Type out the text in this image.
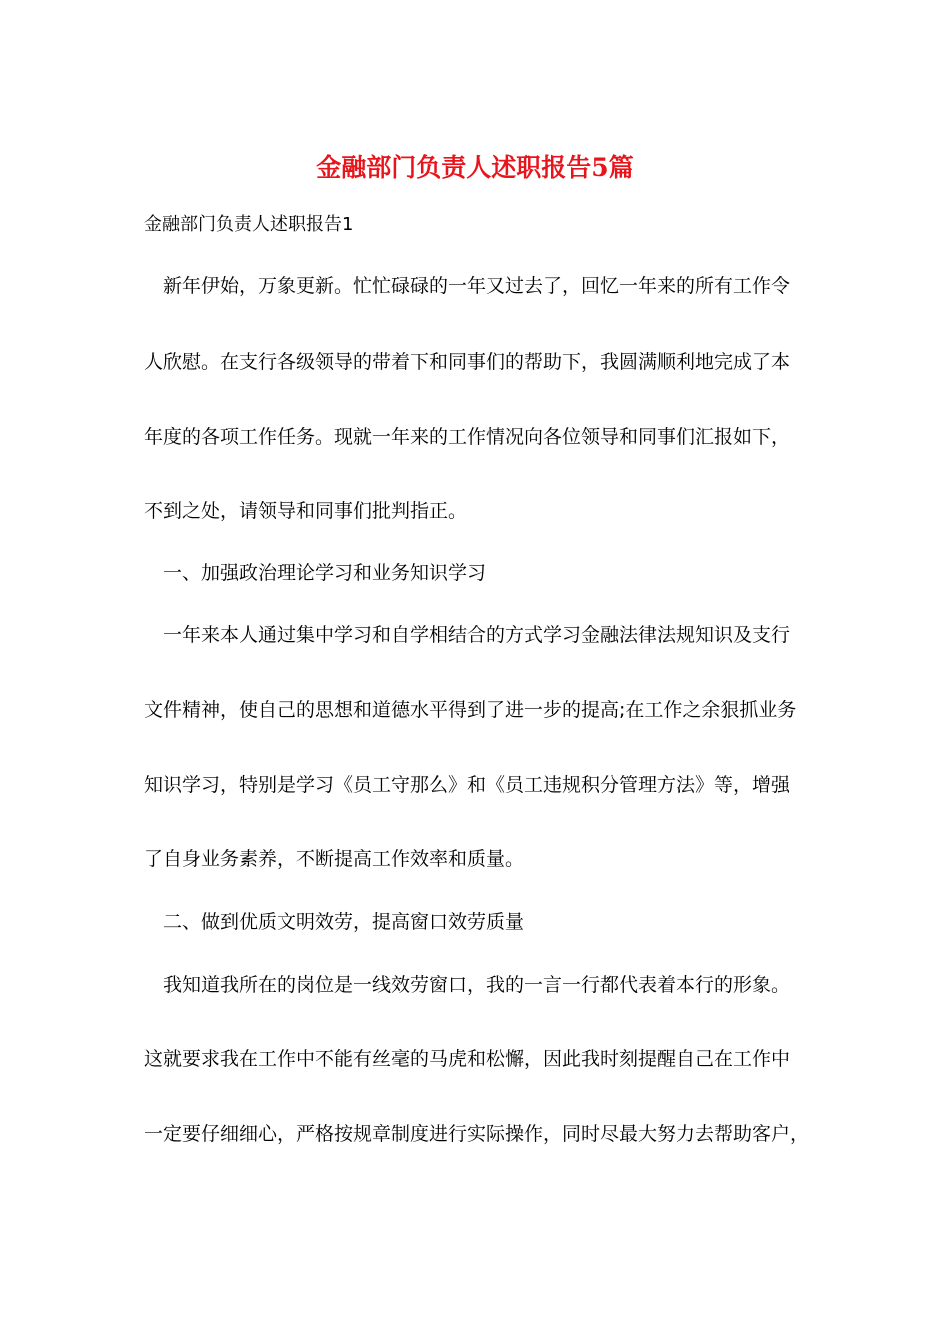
金融部门负责人述职报告5篇

金融部门负责人述职报告1

新年伊始，万象更新。忙忙碌碌的一年又过去了，回忆一年来的所有工作令

人欣慰。在支行各级领导的带着下和同事们的帮助下，我圆满顺利地完成了本

年度的各项工作任务。现就一年来的工作情况向各位领导和同事们汇报如下，

不到之处，请领导和同事们批判指正。

一、加强政治理论学习和业务知识学习

一年来本人通过集中学习和自学相结合的方式学习金融法律法规知识及支行

文件精神，使自己的思想和道德水平得到了进一步的提高;在工作之余狠抓业务

知识学习，特别是学习《员工守那么》和《员工违规积分管理方法》等，增强

了自身业务素养，不断提高工作效率和质量。

二、做到优质文明效劳，提高窗口效劳质量

我知道我所在的岗位是一线效劳窗口，我的一言一行都代表着本行的形象。

这就要求我在工作中不能有丝毫的马虎和松懈，因此我时刻提醒自己在工作中

一定要仔细细心，严格按规章制度进行实际操作，同时尽最大努力去帮助客户，
